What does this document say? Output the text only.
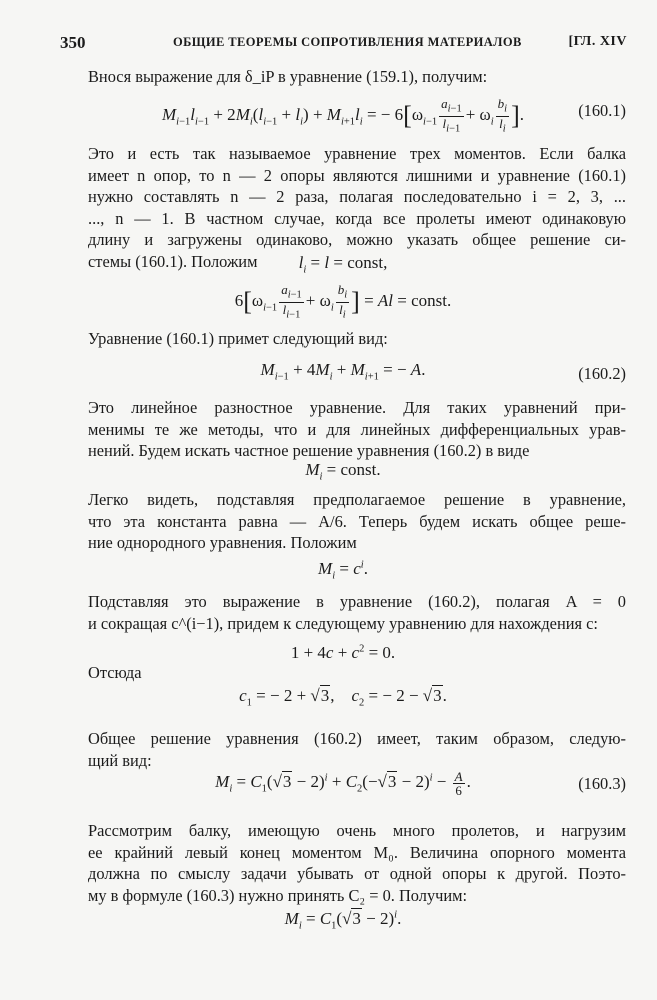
350	ОБЩИЕ ТЕОРЕМЫ СОПРОТИВЛЕНИЯ МАТЕРИАЛОВ	[ГЛ. XIV

Внося выражение для δ_iP в уравнение (159.1), получим:

$M_{i-1}l_{i-1} + 2M_i(l_{i-1} + l_i) + M_{i+1}l_i$ = − $6[\omega_{i-1} \frac{a_{i-1}}{l_{i-1}} + \omega_i \frac{b_i}{l_i}$ ].	(160.1)

Это и есть так называемое уравнение трех моментов. Если балка
имеет n опор, то n — 2 опоры являются лишними и уравнение (160.1)
нужно составлять n — 2 раза, полагая последовательно i = 2, 3, ...
..., n — 1. В частном случае, когда все пролеты имеют одинаковую
длину и загружены одинаково, можно указать общее решение си-
стемы (160.1). Положим	$l_i = l$ = const,
$6[\omega_{i-1} \frac{a_{i-1}}{l_{i-1}} + \omega_i \frac{b_i}{l_i}$ ] = Al = const.

Уравнение (160.1) примет следующий вид:

$M_{i-1} + 4M_i + M_{i+1}$ = − A.	(160.2)

Это линейное разностное уравнение. Для таких уравнений при-
менимы те же методы, что и для линейных дифференциальных урав-
нений. Будем искать частное решение уравнения (160.2) в виде

$M_i$ = const.

Легко видеть, подставляя предполагаемое решение в уравнение,
что эта константа равна — A/6. Теперь будем искать общее реше-
ние однородного уравнения. Положим

$M_i = c^i$.

Подставляя это выражение в уравнение (160.2), полагая A = 0
и сокращая c^(i−1), придем к следующему уравнению для нахождения c:

$1 + 4c + c^2 = 0$.

Отсюда

$c_1$ = − 2 + √3,    $c_2$ = − 2 − √3.

Общее решение уравнения (160.2) имеет, таким образом, следую-
щий вид:

$M_i = C_1(√3 - 2)^i + C_2(-√3 - 2)^i - \frac{A}{6}$ .	(160.3)

Рассмотрим балку, имеющую очень много пролетов, и нагрузим
ее крайний левый конец моментом M₀. Величина опорного момента
должна по смыслу задачи убывать от одной опоры к другой. Поэто-
му в формуле (160.3) нужно принять C₂ = 0. Получим:

$M_i = C_1(√3 - 2)^i$.
